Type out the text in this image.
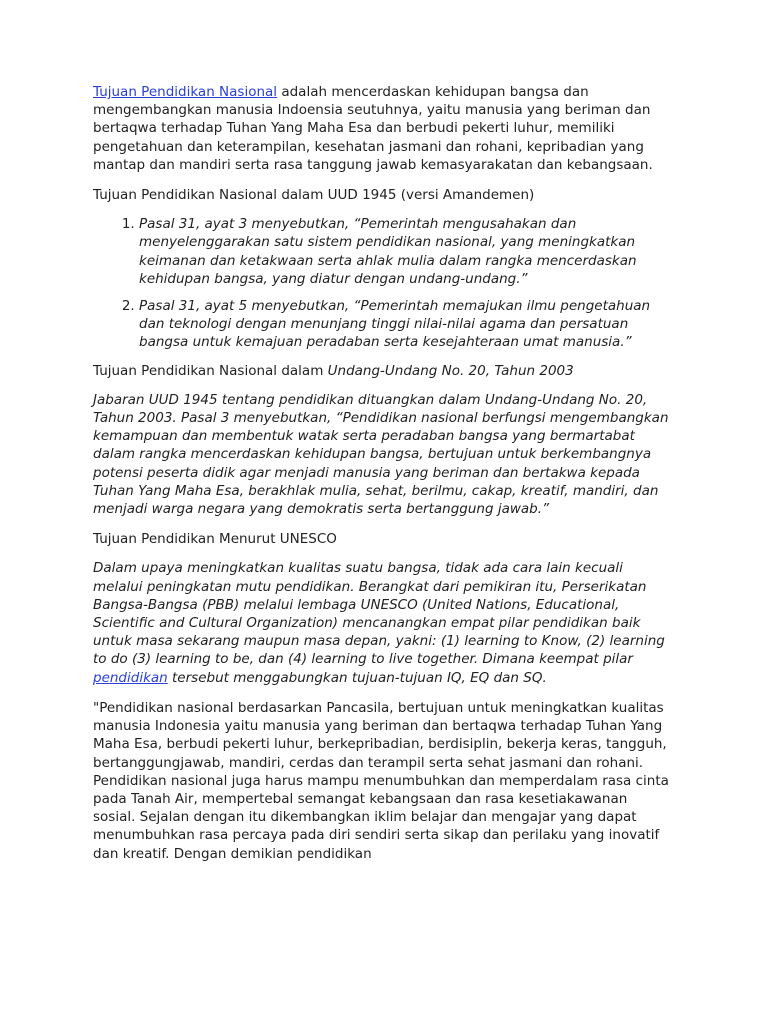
Tujuan Pendidikan Nasional adalah mencerdaskan kehidupan bangsa dan mengembangkan manusia Indoensia seutuhnya, yaitu manusia yang beriman dan bertaqwa terhadap Tuhan Yang Maha Esa dan berbudi pekerti luhur, memiliki pengetahuan dan keterampilan, kesehatan jasmani dan rohani, kepribadian yang mantap dan mandiri serta rasa tanggung jawab kemasyarakatan dan kebangsaan.

Tujuan Pendidikan Nasional dalam UUD 1945 (versi Amandemen)
1. Pasal 31, ayat 3 menyebutkan, “Pemerintah mengusahakan dan menyelenggarakan satu sistem pendidikan nasional, yang meningkatkan keimanan dan ketakwaan serta ahlak mulia dalam rangka mencerdaskan kehidupan bangsa, yang diatur dengan undang-undang.”
2. Pasal 31, ayat 5 menyebutkan, “Pemerintah memajukan ilmu pengetahuan dan teknologi dengan menunjang tinggi nilai-nilai agama dan persatuan bangsa untuk kemajuan peradaban serta kesejahteraan umat manusia.”
Tujuan Pendidikan Nasional dalam Undang-Undang No. 20, Tahun 2003

Jabaran UUD 1945 tentang pendidikan dituangkan dalam Undang-Undang No. 20, Tahun 2003. Pasal 3 menyebutkan, “Pendidikan nasional berfungsi mengembangkan kemampuan dan membentuk watak serta peradaban bangsa yang bermartabat dalam rangka mencerdaskan kehidupan bangsa, bertujuan untuk berkembangnya potensi peserta didik agar menjadi manusia yang beriman dan bertakwa kepada Tuhan Yang Maha Esa, berakhlak mulia, sehat, berilmu, cakap, kreatif, mandiri, dan menjadi warga negara yang demokratis serta bertanggung jawab.”

Tujuan Pendidikan Menurut UNESCO

Dalam upaya meningkatkan kualitas suatu bangsa, tidak ada cara lain kecuali melalui peningkatan mutu pendidikan. Berangkat dari pemikiran itu, Perserikatan Bangsa-Bangsa (PBB) melalui lembaga UNESCO (United Nations, Educational, Scientific and Cultural Organization) mencanangkan empat pilar pendidikan baik untuk masa sekarang maupun masa depan, yakni: (1) learning to Know, (2) learning to do (3) learning to be, dan (4) learning to live together. Dimana keempat pilar pendidikan tersebut menggabungkan tujuan-tujuan IQ, EQ dan SQ.

"Pendidikan nasional berdasarkan Pancasila, bertujuan untuk meningkatkan kualitas manusia Indonesia yaitu manusia yang beriman dan bertaqwa terhadap Tuhan Yang Maha Esa, berbudi pekerti luhur, berkepribadian, berdisiplin, bekerja keras, tangguh, bertanggungjawab, mandiri, cerdas dan terampil serta sehat jasmani dan rohani. Pendidikan nasional juga harus mampu menumbuhkan dan memperdalam rasa cinta pada Tanah Air, mempertebal semangat kebangsaan dan rasa kesetiakawanan sosial. Sejalan dengan itu dikembangkan iklim belajar dan mengajar yang dapat menumbuhkan rasa percaya pada diri sendiri serta sikap dan perilaku yang inovatif dan kreatif. Dengan demikian pendidikan
